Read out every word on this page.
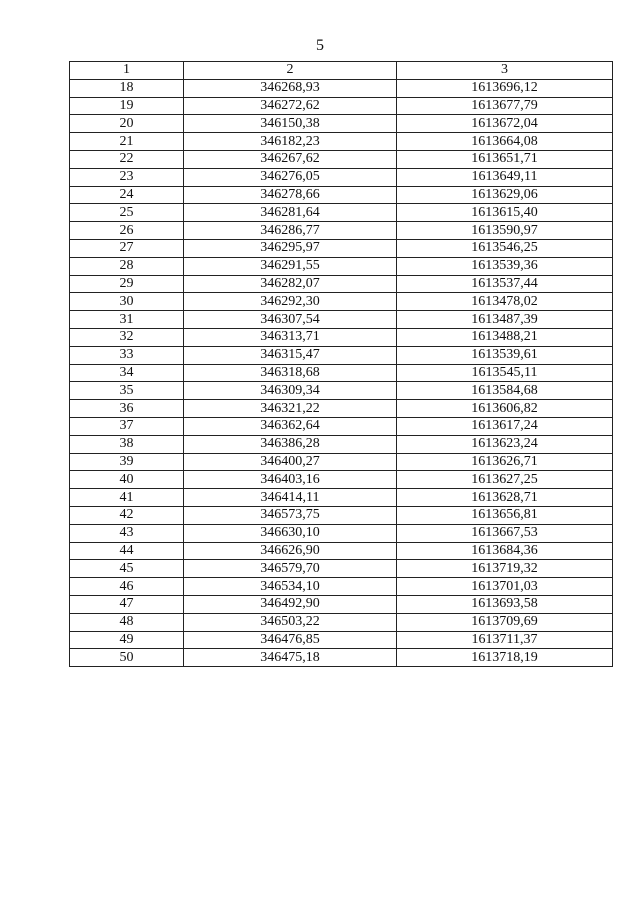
5
1	2	3
18	346268,93	1613696,12
19	346272,62	1613677,79
20	346150,38	1613672,04
21	346182,23	1613664,08
22	346267,62	1613651,71
23	346276,05	1613649,11
24	346278,66	1613629,06
25	346281,64	1613615,40
26	346286,77	1613590,97
27	346295,97	1613546,25
28	346291,55	1613539,36
29	346282,07	1613537,44
30	346292,30	1613478,02
31	346307,54	1613487,39
32	346313,71	1613488,21
33	346315,47	1613539,61
34	346318,68	1613545,11
35	346309,34	1613584,68
36	346321,22	1613606,82
37	346362,64	1613617,24
38	346386,28	1613623,24
39	346400,27	1613626,71
40	346403,16	1613627,25
41	346414,11	1613628,71
42	346573,75	1613656,81
43	346630,10	1613667,53
44	346626,90	1613684,36
45	346579,70	1613719,32
46	346534,10	1613701,03
47	346492,90	1613693,58
48	346503,22	1613709,69
49	346476,85	1613711,37
50	346475,18	1613718,19
